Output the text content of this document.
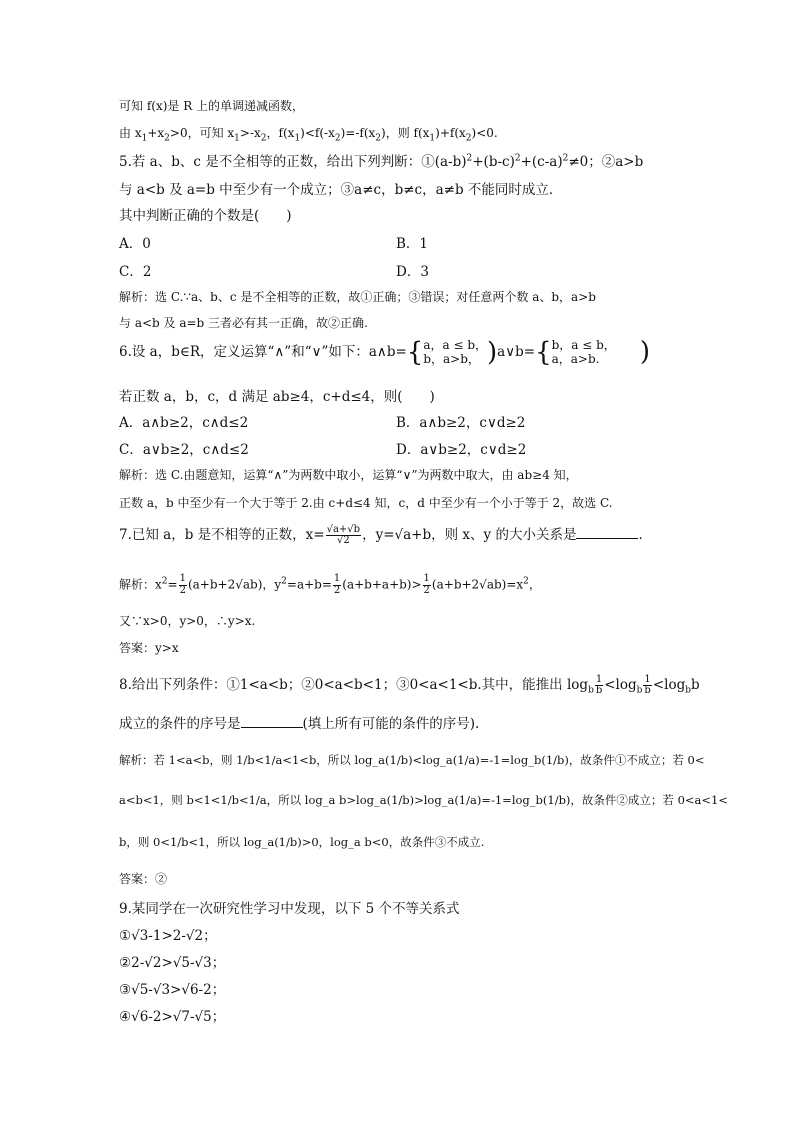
可知 f(x)是 R 上的单调递减函数，
由 $x_1+x_2>0$，可知 $x_1>-x_2$，$f(x_1)<f(-x_2)=-f(x_2)$，则 $f(x_1)+f(x_2)<0$.
5.若 a、b、c 是不全相等的正数，给出下列判断：$①(a-b)^2+(b-c)^2+(c-a)^2\ne 0$；②a>b
与 a<b 及 a=b 中至少有一个成立；③a≠c，b≠c，a≠b 不能同时成立．
其中判断正确的个数是(　　)
A．0	B．1
C．2	D．3
解析：选 C.∵a、b、c 是不全相等的正数，故①正确；③错误；对任意两个数 a、b，a>b
与 a<b 及 a=b 三者必有其一正确，故②正确.
6.设 a，b∈R，定义运算“∧”和“∨”如下：a∧b={ a，a ≤ b，
b，a>b， )a∨b={ b，a ≤ b，
a，a>b.	)
若正数 a，b，c，d 满足 ab≥4，c+d≤4，则(　　)
A．a∧b≥2，c∧d≤2	B．a∧b≥2，c∨d≥2
C．a∨b≥2，c∧d≤2	D．a∨b≥2，c∨d≥2
解析：选 C.由题意知，运算“∧”为两数中取小，运算“∨”为两数中取大，由 ab≥4 知，
正数 a，b 中至少有一个大于等于 2.由 c+d≤4 知，c，d 中至少有一个小于等于 2，故选 C.
7.已知 a，b 是不相等的正数，$x= \frac{√a+√b}{√2}$ ，y=√a+b，则 x、y 的大小关系是	．
解析：$x^2= \frac{1}{2} (a+b+2√ab)$，$y^2=a+b= \frac{1}{2} (a+b+a+b)> \frac{1}{2} (a+b+2√ab)=x^2$，
又∵x>0，y>0，∴y>x.
答案：y>x
8.给出下列条件：①1<a<b；②0<a<b<1；③0<a<1<b.其中，能推出 $\log_b \frac{1}{b} <\log_b \frac{1}{b} <\log_bb$
成立的条件的序号是	(填上所有可能的条件的序号).
解析：若 1<a<b，则 1/b<1/a<1<b，所以 log_a(1/b)<log_a(1/a)=-1=log_b(1/b)，故条件①不成立；若 0<
a<b<1，则 b<1<1/b<1/a，所以 log_a b>log_a(1/b)>log_a(1/a)=-1=log_b(1/b)，故条件②成立；若 0<a<1<
b，则 0<1/b<1，所以 log_a(1/b)>0，log_a b<0，故条件③不成立.
答案：②
9.某同学在一次研究性学习中发现，以下 5 个不等关系式
①√3-1>2-√2；
②2-√2>√5-√3；
③√5-√3>√6-2；
④√6-2>√7-√5；
